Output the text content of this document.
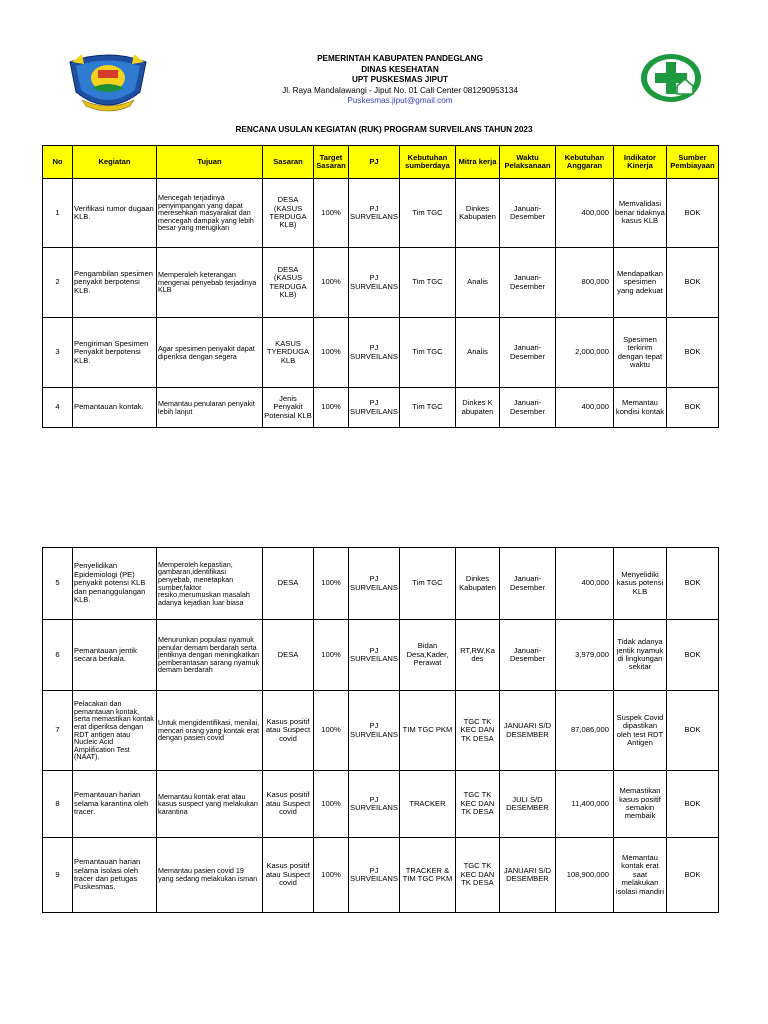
PEMERINTAH KABUPATEN PANDEGLANG
DINAS KESEHATAN
UPT PUSKESMAS JIPUT
Jl. Raya Mandalawangi - Jiput No. 01 Call Center 081290953134
Puskesmas.jiput@gmail.com
RENCANA USULAN KEGIATAN (RUK) PROGRAM SURVEILANS TAHUN 2023
No	Kegiatan	Tujuan	Sasaran	Target Sasaran	PJ	Kebutuhan sumberdaya	Mitra kerja	Waktu Pelaksanaan	Kebutuhan Anggaran	Indikator Kinerja	Sumber Pembiayaan
1	Verifikasi rumor dugaan KLB.	Mencegah terjadinya penyimpangan yang dapat meresehkan masyarakat dan mencegah dampak yang lebih besar yang merugikan	DESA (KASUS TERDUGA KLB)	100%	PJ SURVEILANS	Tim TGC	Dinkes Kabupaten	Januari-Desember	400,000	Memvalidasi benar tidaknya kasus KLB	BOK
2	Pengambilan spesimen penyakit berpotensi KLB.	Memperoleh keterangan mengenai penyebab terjadinya KLB	DESA (KASUS TERDUGA KLB)	100%	PJ SURVEILANS	Tim TGC	Analis	Januari-Desember	800,000	Mendapatkan spesimen yang adekuat	BOK
3	Pengiriman Spesimen Penyakit berpotensi KLB.	Agar spesimen penyakit dapat diperiksa dengan segera	KASUS TYERDUGA KLB	100%	PJ SURVEILANS	Tim TGC	Analis	Januari-Desember	2,000,000	Spesimen terkirim dengan tepat waktu	BOK
4	Pemantauan kontak.	Memantau penularan penyakit lebih lanjut	Jenis Penyakit Potensial KLB	100%	PJ SURVEILANS	Tim TGC	Dinkes K abupaten	Januari-Desember	400,000	Memantau kondisi kontak	BOK
5	Penyelidikan Epidemiologi (PE) penyakit potensi KLB dan penanggulangan KLB.	Memperoleh kepastian, gambaran,identifikasi penyebab, menetapkan sumber,faktor resiko,merumuskan masalah adanya kejadian luar biasa	DESA	100%	PJ SURVEILANS	Tim TGC	Dinkes Kabupaten	Januari-Desember	400,000	Menyelidiki kasus potensi KLB	BOK
6	Pemantauan jentik secara berkala.	Menurunkan populasi nyamuk penular demam berdarah serta jentiknya dengan meningkatkan pemberantasan sarang nyamuk demam berdarah	DESA	100%	PJ SURVEILANS	Bidan Desa,Kader, Perawat	RT,RW,Ka des	Januari-Desember	3,979,000	Tidak adanya jentik nyamuk di lingkungan sekitar	BOK
7	Pelacakan dan pemantauan kontak, serta memastikan kontak erat diperiksa dengan RDT antigen atau Nucleic Acid Amplification Test (NAAT).	Untuk mengidentifikasi, menilai, mencari orang yang kontak erat dengan pasien covid	Kasus positif atau Suspect covid	100%	PJ SURVEILANS	TIM TGC PKM	TGC TK KEC DAN TK DESA	JANUARI S/D DESEMBER	87,086,000	Suspek Covid dipastikan oleh test RDT Antigen	BOK
8	Pemantauan harian selama karantina oleh tracer.	Memantau kontak erat atau kasus suspect yang melakukan karantina	Kasus positif atau Suspect covid	100%	PJ SURVEILANS	TRACKER	TGC TK KEC DAN TK DESA	JULI S/D DESEMBER	11,400,000	Memastikan kasus positif semakin membaik	BOK
9	Pemantauan harian selama isolasi oleh tracer dan petugas Puskesmas.	Memantau pasien covid 19 yang sedang melakukan isman	Kasus positif atau Suspect covid	100%	PJ SURVEILANS	TRACKER & TIM TGC PKM	TGC TK KEC DAN TK DESA	JANUARI S/D DESEMBER	108,900,000	Memantau kontak erat saat melakukan isolasi mandiri	BOK
